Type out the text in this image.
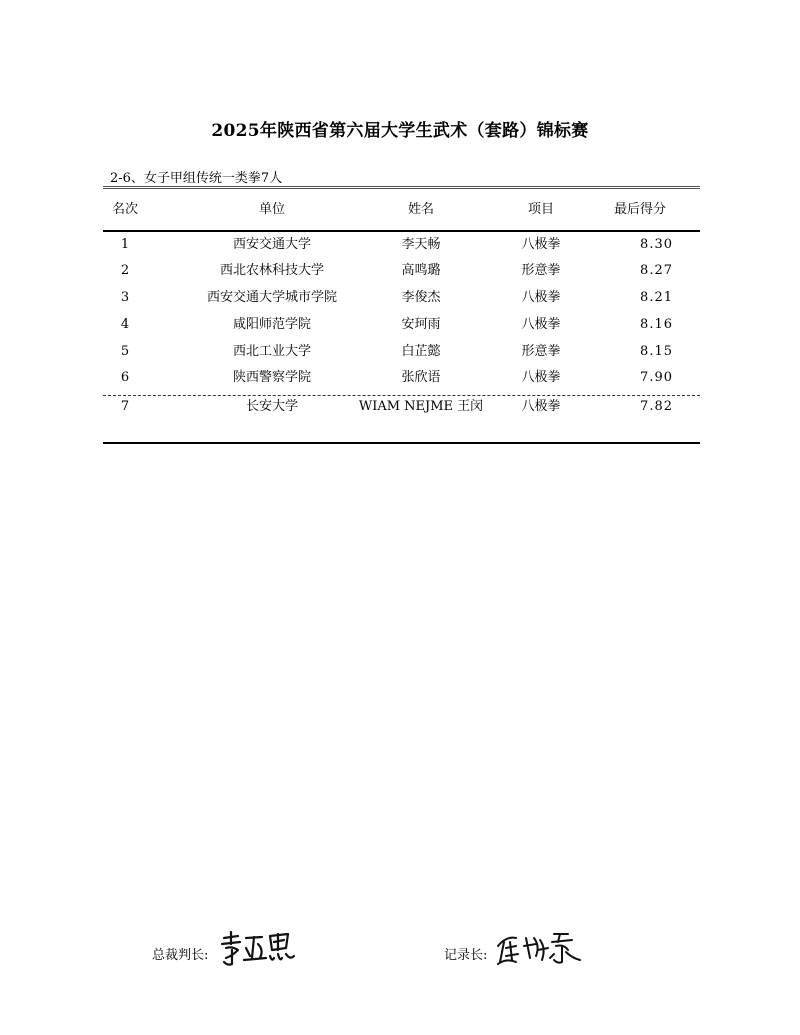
2025年陕西省第六届大学生武术（套路）锦标赛
2-6、女子甲组传统一类拳7人
名次	单位	姓名	项目	最后得分
1	西安交通大学	李天畅	八极拳	8.30
2	西北农林科技大学	高鸣璐	形意拳	8.27
3	西安交通大学城市学院	李俊杰	八极拳	8.21
4	咸阳师范学院	安珂雨	八极拳	8.16
5	西北工业大学	白芷懿	形意拳	8.15
6	陕西警察学院	张欣语	八极拳	7.90
7	长安大学	WIAM NEJME 王闵	八极拳	7.82
总裁判长:	记录长:
